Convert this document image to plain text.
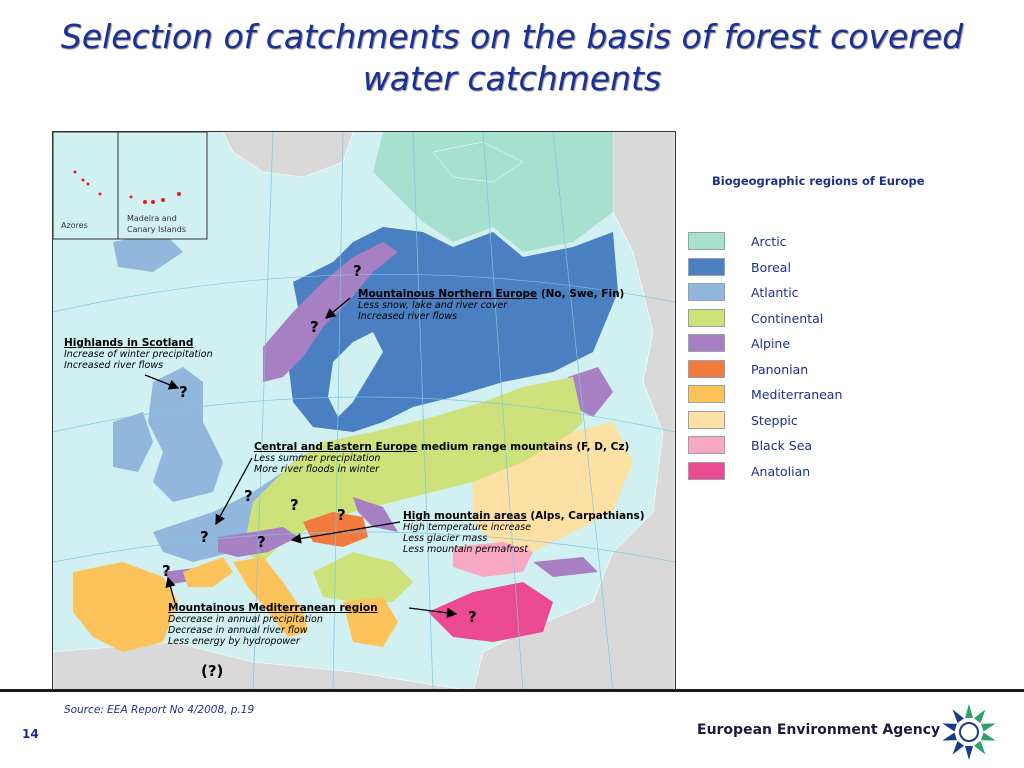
Selection of catchments on the basis of forest covered water catchments
Azores
Madeira and
Canary Islands
Biogeographic regions of Europe
Arctic
Boreal
Atlantic
Continental
Alpine
Panonian
Mediterranean
Steppic
Black Sea
Anatolian
Highlands in Scotland
Increase of winter precipitation
Increased river flows
Mountainous Northern Europe (No, Swe, Fin)
Less snow, lake and river cover
Increased river flows
Central and Eastern Europe medium range mountains (F, D, Cz)
Less summer precipitation
More river floods in winter
High mountain areas (Alps, Carpathians)
High temperature increase
Less glacier mass
Less mountain permafrost
Mountainous Mediterranean region
Decrease in annual precipitation
Decrease in annual river flow
Less energy by hydropower
?
?
?
? ?
?
?	?
?
?
(?)
Source: EEA Report No 4/2008, p.19
14	European Environment Agency
